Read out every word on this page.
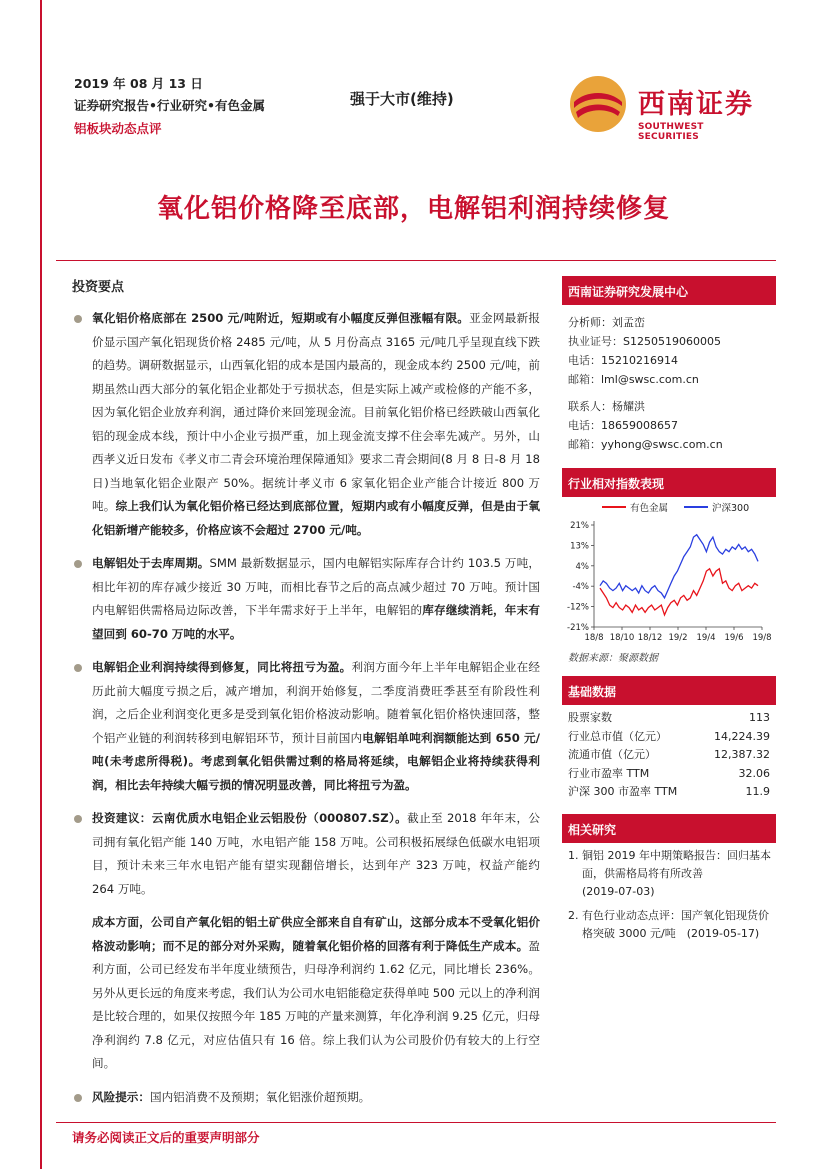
2019 年 08 月 13 日
证券研究报告•行业研究•有色金属
铝板块动态点评
强于大市(维持)	西南证券
SOUTHWEST SECURITIES
氧化铝价格降至底部，电解铝利润持续修复
投资要点
氧化铝价格底部在 2500 元/吨附近，短期或有小幅度反弹但涨幅有限。亚金网最新报价显示国产氧化铝现货价格 2485 元/吨，从 5 月份高点 3165 元/吨几乎呈现直线下跌的趋势。调研数据显示，山西氧化铝的成本是国内最高的，现金成本约 2500 元/吨，前期虽然山西大部分的氧化铝企业都处于亏损状态，但是实际上减产或检修的产能不多，因为氧化铝企业放弃利润，通过降价来回笼现金流。目前氧化铝价格已经跌破山西氧化铝的现金成本线，预计中小企业亏损严重，加上现金流支撑不住会率先减产。另外，山西孝义近日发布《孝义市二青会环境治理保障通知》要求二青会期间(8 月 8 日-8 月 18 日)当地氧化铝企业限产 50%。据统计孝义市 6 家氧化铝企业产能合计接近 800 万吨。综上我们认为氧化铝价格已经达到底部位置，短期内或有小幅度反弹，但是由于氧化铝新增产能较多，价格应该不会超过 2700 元/吨。
电解铝处于去库周期。SMM 最新数据显示，国内电解铝实际库存合计约 103.5 万吨，相比年初的库存减少接近 30 万吨，而相比春节之后的高点减少超过 70 万吨。预计国内电解铝供需格局边际改善，下半年需求好于上半年，电解铝的库存继续消耗，年末有望回到 60-70 万吨的水平。
电解铝企业利润持续得到修复，同比将扭亏为盈。利润方面今年上半年电解铝企业在经历此前大幅度亏损之后，减产增加，利润开始修复，二季度消费旺季甚至有阶段性利润，之后企业利润变化更多是受到氧化铝价格波动影响。随着氧化铝价格快速回落，整个铝产业链的利润转移到电解铝环节，预计目前国内电解铝单吨利润额能达到 650 元/吨(未考虑所得税)。考虑到氧化铝供需过剩的格局将延续，电解铝企业将持续获得利润，相比去年持续大幅亏损的情况明显改善，同比将扭亏为盈。
投资建议：云南优质水电铝企业云铝股份（000807.SZ）。截止至 2018 年年末，公司拥有氧化铝产能 140 万吨，水电铝产能 158 万吨。公司积极拓展绿色低碳水电铝项目，预计未来三年水电铝产能有望实现翻倍增长，达到年产 323 万吨，权益产能约 264 万吨。
成本方面，公司自产氧化铝的铝土矿供应全部来自自有矿山，这部分成本不受氧化铝价格波动影响；而不足的部分对外采购，随着氧化铝价格的回落有利于降低生产成本。盈利方面，公司已经发布半年度业绩预告，归母净利润约 1.62 亿元，同比增长 236%。另外从更长远的角度来考虑，我们认为公司水电铝能稳定获得单吨 500 元以上的净利润是比较合理的，如果仅按照今年 185 万吨的产量来测算，年化净利润 9.25 亿元，归母净利润约 7.8 亿元，对应估值只有 16 倍。综上我们认为公司股价仍有较大的上行空间。
风险提示：国内铝消费不及预期；氧化铝涨价超预期。
西南证券研究发展中心
分析师：刘孟峦
执业证号：S1250519060005
电话：15210216914
邮箱：lml@swsc.com.cn
联系人：杨耀洪
电话：18659008657
邮箱：yyhong@swsc.com.cn
行业相对指数表现
有色金属	沪深300
21%
13%
4%
-4%
-12%
-21%
18/8 18/10 18/12 19/2 19/4 19/6 19/8
数据来源：聚源数据
基础数据
股票家数	113
行业总市值（亿元）	14,224.39
流通市值（亿元）	12,387.32
行业市盈率 TTM	32.06
沪深 300 市盈率 TTM	11.9
相关研究
1. 铜铝 2019 年中期策略报告：回归基本
面，供需格局将有所改善
(2019-07-03)
2. 有色行业动态点评：国产氧化铝现货价
格突破 3000 元/吨　(2019-05-17)
请务必阅读正文后的重要声明部分
